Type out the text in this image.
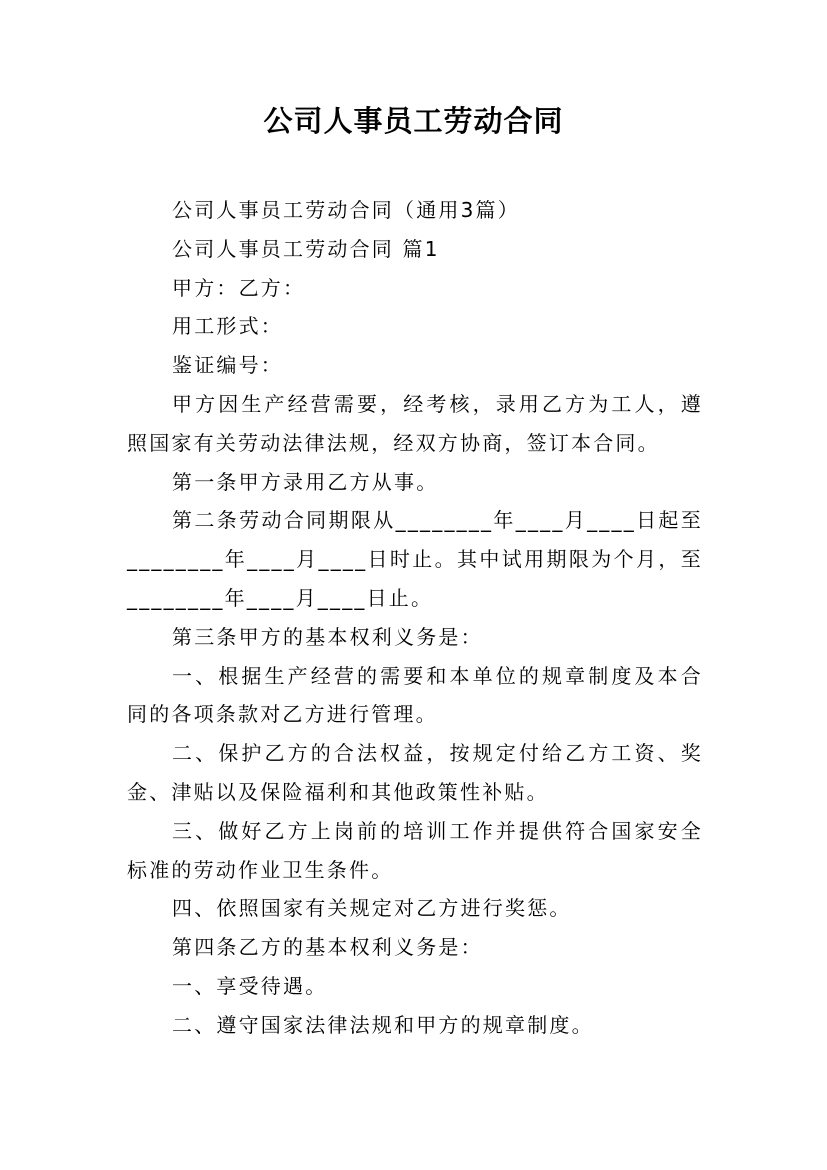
公司人事员工劳动合同

公司人事员工劳动合同（通用3篇）

公司人事员工劳动合同 篇1

甲方：乙方：

用工形式：

鉴证编号：

甲方因生产经营需要，经考核，录用乙方为工人，遵照国家有关劳动法律法规，经双方协商，签订本合同。

第一条甲方录用乙方从事。

第二条劳动合同期限从________年____月____日起至________年____月____日时止。其中试用期限为个月，至________年____月____日止。

第三条甲方的基本权利义务是：

一、根据生产经营的需要和本单位的规章制度及本合同的各项条款对乙方进行管理。

二、保护乙方的合法权益，按规定付给乙方工资、奖金、津贴以及保险福利和其他政策性补贴。

三、做好乙方上岗前的培训工作并提供符合国家安全标准的劳动作业卫生条件。

四、依照国家有关规定对乙方进行奖惩。

第四条乙方的基本权利义务是：

一、享受待遇。

二、遵守国家法律法规和甲方的规章制度。
